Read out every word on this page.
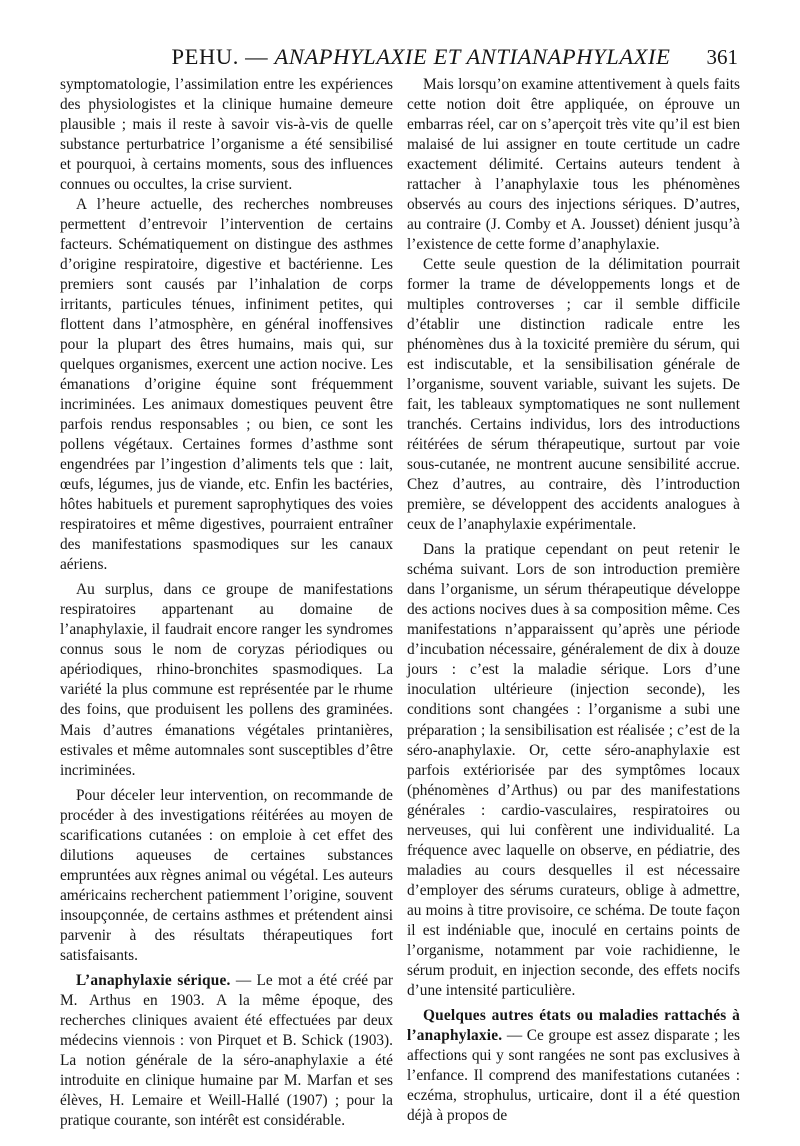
PEHU. — ANAPHYLAXIE ET ANTIANAPHYLAXIE	361

symptomatologie, l’assimilation entre les expériences des physiologistes et la clinique humaine demeure plausible ; mais il reste à savoir vis-à-vis de quelle substance perturbatrice l’organisme a été sensibilisé et pourquoi, à certains moments, sous des influences connues ou occultes, la crise survient.

A l’heure actuelle, des recherches nombreuses permettent d’entrevoir l’intervention de certains facteurs. Schématiquement on distingue des asthmes d’origine respiratoire, digestive et bactérienne. Les premiers sont causés par l’inhalation de corps irritants, particules ténues, infiniment petites, qui flottent dans l’atmosphère, en général inoffensives pour la plupart des êtres humains, mais qui, sur quelques organismes, exercent une action nocive. Les émanations d’origine équine sont fréquemment incriminées. Les animaux domestiques peuvent être parfois rendus responsables ; ou bien, ce sont les pollens végétaux. Certaines formes d’asthme sont engendrées par l’ingestion d’aliments tels que : lait, œufs, légumes, jus de viande, etc. Enfin les bactéries, hôtes habituels et purement saprophytiques des voies respiratoires et même digestives, pourraient entraîner des manifestations spasmodiques sur les canaux aériens.

Au surplus, dans ce groupe de manifestations respiratoires appartenant au domaine de l’anaphylaxie, il faudrait encore ranger les syndromes connus sous le nom de coryzas périodiques ou apériodiques, rhino-bronchites spasmodiques. La variété la plus commune est représentée par le rhume des foins, que produisent les pollens des graminées. Mais d’autres émanations végétales printanières, estivales et même automnales sont susceptibles d’être incriminées.

Pour déceler leur intervention, on recommande de procéder à des investigations réitérées au moyen de scarifications cutanées : on emploie à cet effet des dilutions aqueuses de certaines substances empruntées aux règnes animal ou végétal. Les auteurs américains recherchent patiemment l’origine, souvent insoupçonnée, de certains asthmes et prétendent ainsi parvenir à des résultats thérapeutiques fort satisfaisants.

L’anaphylaxie sérique. — Le mot a été créé par M. Arthus en 1903. A la même époque, des recherches cliniques avaient été effectuées par deux médecins viennois : von Pirquet et B. Schick (1903). La notion générale de la séro-anaphylaxie a été introduite en clinique humaine par M. Marfan et ses élèves, H. Lemaire et Weill-Hallé (1907) ; pour la pratique courante, son intérêt est considérable.

Mais lorsqu’on examine attentivement à quels faits cette notion doit être appliquée, on éprouve un embarras réel, car on s’aperçoit très vite qu’il est bien malaisé de lui assigner en toute certitude un cadre exactement délimité. Certains auteurs tendent à rattacher à l’anaphylaxie tous les phénomènes observés au cours des injections sériques. D’autres, au contraire (J. Comby et A. Jousset) dénient jusqu’à l’existence de cette forme d’anaphylaxie.

Cette seule question de la délimitation pourrait former la trame de développements longs et de multiples controverses ; car il semble difficile d’établir une distinction radicale entre les phénomènes dus à la toxicité première du sérum, qui est indiscutable, et la sensibilisation générale de l’organisme, souvent variable, suivant les sujets. De fait, les tableaux symptomatiques ne sont nullement tranchés. Certains individus, lors des introductions réitérées de sérum thérapeutique, surtout par voie sous-cutanée, ne montrent aucune sensibilité accrue. Chez d’autres, au contraire, dès l’introduction première, se développent des accidents analogues à ceux de l’anaphylaxie expérimentale.

Dans la pratique cependant on peut retenir le schéma suivant. Lors de son introduction première dans l’organisme, un sérum thérapeutique développe des actions nocives dues à sa composition même. Ces manifestations n’apparaissent qu’après une période d’incubation nécessaire, généralement de dix à douze jours : c’est la maladie sérique. Lors d’une inoculation ultérieure (injection seconde), les conditions sont changées : l’organisme a subi une préparation ; la sensibilisation est réalisée ; c’est de la séro-anaphylaxie. Or, cette séro-anaphylaxie est parfois extériorisée par des symptômes locaux (phénomènes d’Arthus) ou par des manifestations générales : cardio-vasculaires, respiratoires ou nerveuses, qui lui confèrent une individualité. La fréquence avec laquelle on observe, en pédiatrie, des maladies au cours desquelles il est nécessaire d’employer des sérums curateurs, oblige à admettre, au moins à titre provisoire, ce schéma. De toute façon il est indéniable que, inoculé en certains points de l’organisme, notamment par voie rachidienne, le sérum produit, en injection seconde, des effets nocifs d’une intensité particulière.

Quelques autres états ou maladies rattachés à l’anaphylaxie. — Ce groupe est assez disparate ; les affections qui y sont rangées ne sont pas exclusives à l’enfance. Il comprend des manifestations cutanées : eczéma, strophulus, urticaire, dont il a été question déjà à propos de
